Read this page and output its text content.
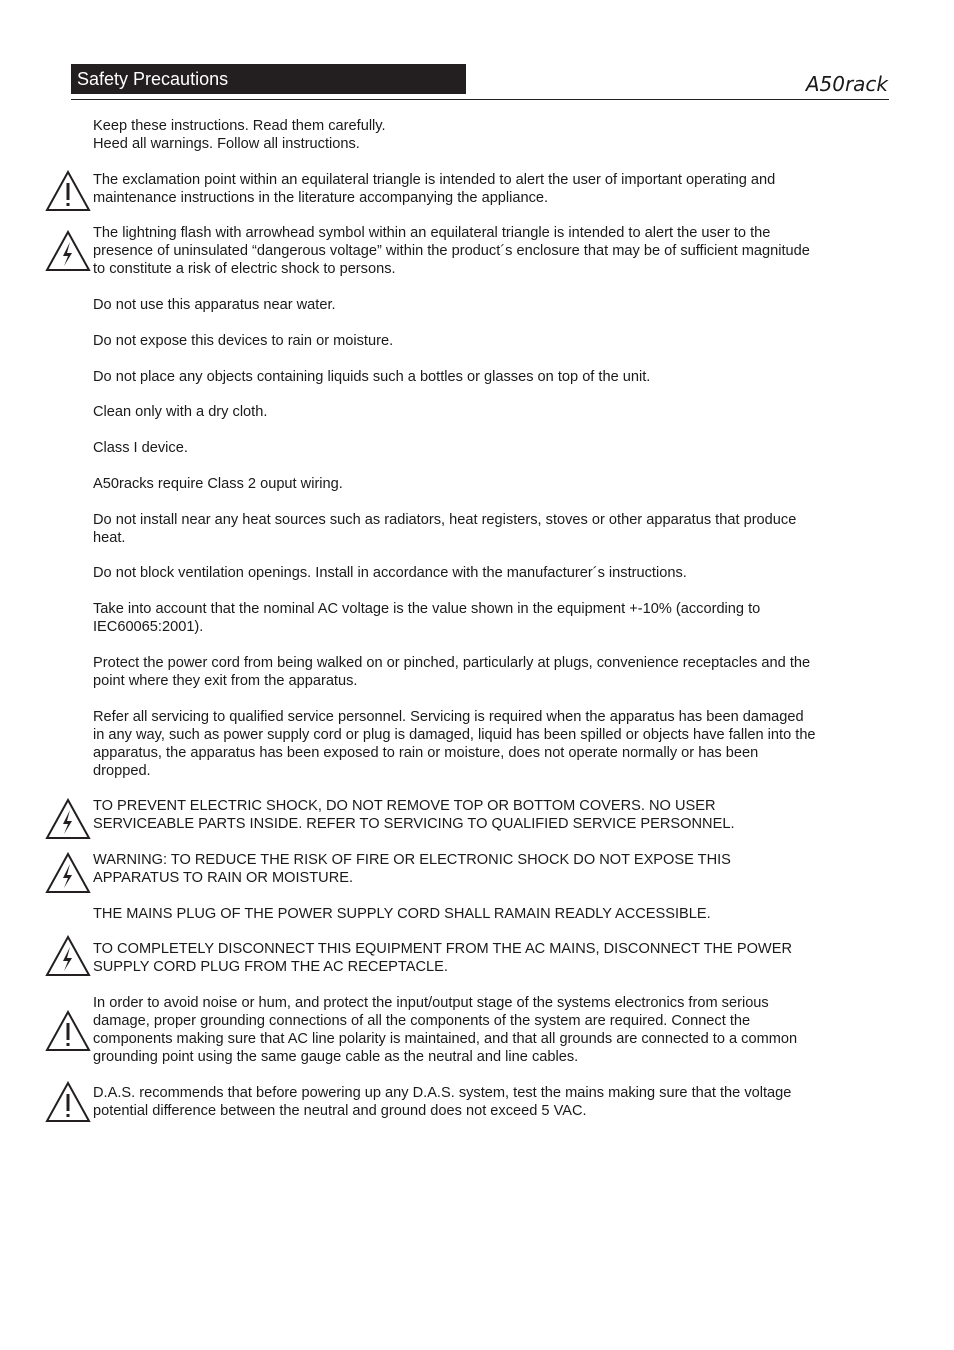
Safety Precautions	A50rack

Keep these instructions. Read them carefully.
Heed all warnings. Follow all instructions.

The exclamation point within an equilateral triangle is intended to alert the user of important operating and
maintenance instructions in the literature accompanying the appliance.

The lightning flash with arrowhead symbol within an equilateral triangle is intended to alert the user to the
presence of uninsulated “dangerous voltage” within the product´s enclosure that may be of sufficient magnitude
to constitute a risk of electric shock to persons.

Do not use this apparatus near water.

Do not expose this devices to rain or moisture.

Do not place any objects containing liquids such a bottles or glasses on top of the unit.

Clean only with a dry cloth.

Class I device.

A50racks require Class 2 ouput wiring.

Do not install near any heat sources such as radiators, heat registers, stoves or other apparatus that produce
heat.

Do not block ventilation openings. Install in accordance with the manufacturer´s instructions.

Take into account that the nominal AC voltage is the value shown in the equipment +-10% (according to
IEC60065:2001).

Protect the power cord from being walked on or pinched, particularly at plugs, convenience receptacles and the
point where they exit from the apparatus.

Refer all servicing to qualified service personnel. Servicing is required when the apparatus has been damaged
in any way, such as power supply cord or plug is damaged, liquid has been spilled or objects have fallen into the
apparatus, the apparatus has been exposed to rain or moisture, does not operate normally or has been
dropped.

TO PREVENT ELECTRIC SHOCK, DO NOT REMOVE TOP OR BOTTOM COVERS. NO USER
SERVICEABLE PARTS INSIDE. REFER TO SERVICING TO QUALIFIED SERVICE PERSONNEL.

WARNING: TO REDUCE THE RISK OF FIRE OR ELECTRONIC SHOCK DO NOT EXPOSE THIS
APPARATUS TO RAIN OR MOISTURE.

THE MAINS PLUG OF THE POWER SUPPLY CORD SHALL RAMAIN READLY ACCESSIBLE.

TO COMPLETELY DISCONNECT THIS EQUIPMENT FROM THE AC MAINS, DISCONNECT THE POWER
SUPPLY CORD PLUG FROM THE AC RECEPTACLE.

In order to avoid noise or hum, and protect the input/output stage of the systems electronics from serious
damage, proper grounding connections of all the components of the system are required. Connect the
components making sure that AC line polarity is maintained, and that all grounds are connected to a common
grounding point using the same gauge cable as the neutral and line cables.

D.A.S. recommends that before powering up any D.A.S. system, test the mains making sure that the voltage
potential difference between the neutral and ground does not exceed 5 VAC.
